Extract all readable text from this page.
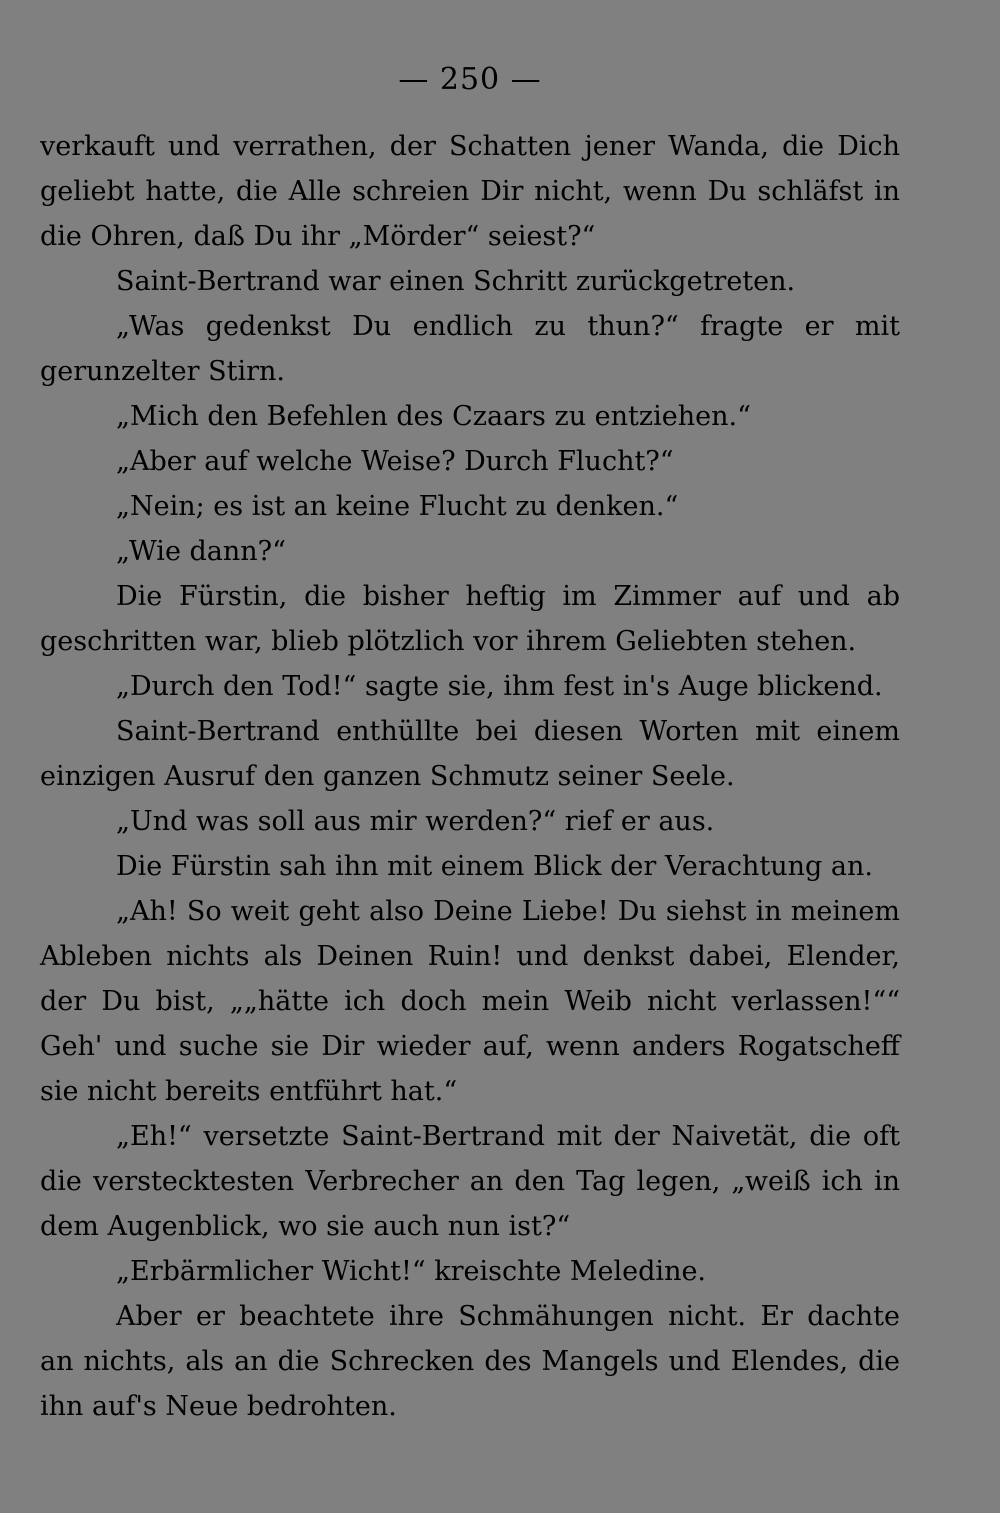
— 250 —

verkauft und verrathen, der Schatten jener Wanda, die Dich geliebt hatte, die Alle schreien Dir nicht, wenn Du schläfst in die Ohren, daß Du ihr „Mörder“ seiest?“

Saint-Bertrand war einen Schritt zurückgetreten.

„Was gedenkst Du endlich zu thun?“ fragte er mit gerunzelter Stirn.

„Mich den Befehlen des Czaars zu entziehen.“

„Aber auf welche Weise? Durch Flucht?“

„Nein; es ist an keine Flucht zu denken.“

„Wie dann?“

Die Fürstin, die bisher heftig im Zimmer auf und ab geschritten war, blieb plötzlich vor ihrem Geliebten stehen.

„Durch den Tod!“ sagte sie, ihm fest in's Auge blickend.

Saint-Bertrand enthüllte bei diesen Worten mit einem einzigen Ausruf den ganzen Schmutz seiner Seele.

„Und was soll aus mir werden?“ rief er aus.

Die Fürstin sah ihn mit einem Blick der Verachtung an.

„Ah! So weit geht also Deine Liebe! Du siehst in meinem Ableben nichts als Deinen Ruin! und denkst dabei, Elender, der Du bist, „„hätte ich doch mein Weib nicht verlassen!““ Geh' und suche sie Dir wieder auf, wenn anders Rogatscheff sie nicht bereits entführt hat.“

„Eh!“ versetzte Saint-Bertrand mit der Naivetät, die oft die verstecktesten Verbrecher an den Tag legen, „weiß ich in dem Augenblick, wo sie auch nun ist?“

„Erbärmlicher Wicht!“ kreischte Meledine.

Aber er beachtete ihre Schmähungen nicht. Er dachte an nichts, als an die Schrecken des Mangels und Elendes, die ihn auf's Neue bedrohten.
